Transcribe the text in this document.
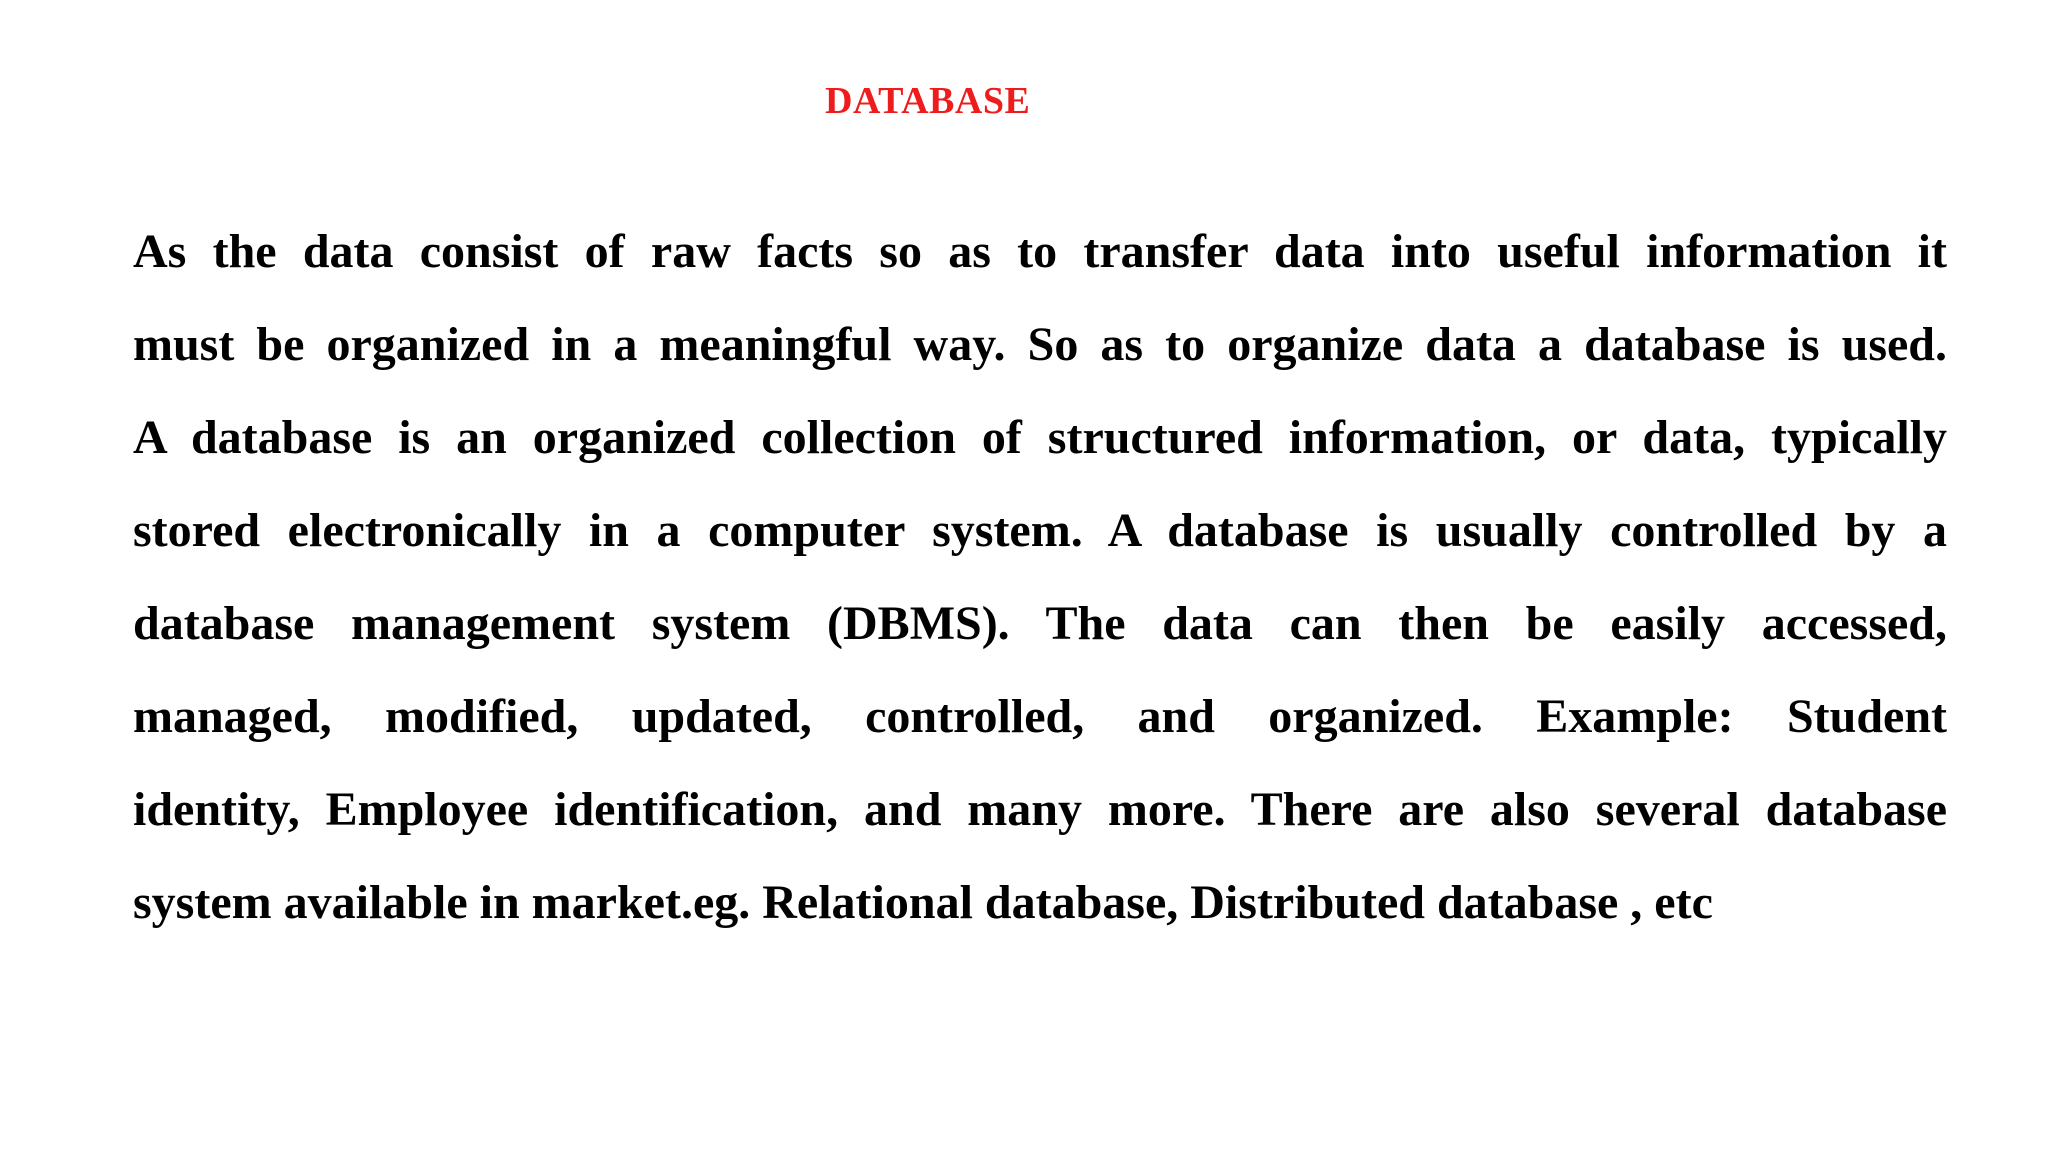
DATABASE
As the data consist of raw facts so as to transfer data into useful information it
must be organized in a meaningful way. So as to organize data a database is used.
A database is an organized collection of structured information, or data, typically
stored electronically in a computer system. A database is usually controlled by a
database management system (DBMS). The data can then be easily accessed,
managed, modified, updated, controlled, and organized. Example: Student
identity, Employee identification, and many more. There are also several database
system available in market.eg. Relational database, Distributed database , etc
